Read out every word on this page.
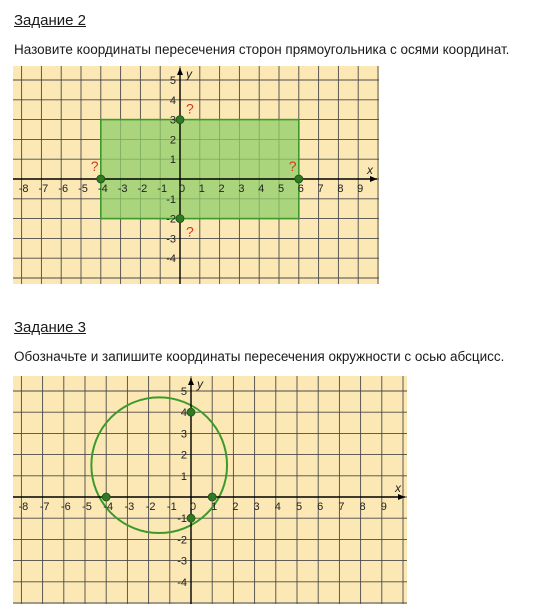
Задание 2
Назовите координаты пересечения сторон прямоугольника с осями координат.
x
y
-8 -7 -6 -5 -4 -3 -2 -1 0 1 2 3 4 5 6 7 8 9
5
4
3
2
1
-1
-2
-3
-4
?
?	?
?
Задание 3
Обозначьте и запишите координаты пересечения окружности с осью абсцисс.
x
y
-8 -7 -6 -5 -4 -3 -2 -1 0 1 2 3 4 5 6 7 8 9
5
4
3
2
1
-1
-2
-3
-4
